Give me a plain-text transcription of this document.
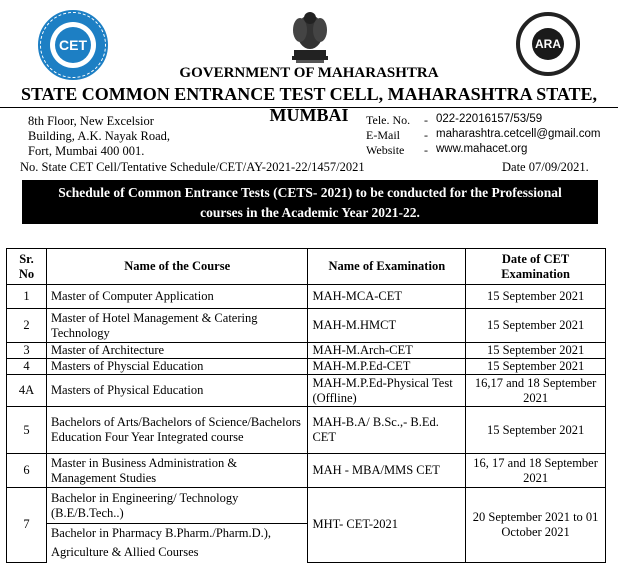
CET	ARA
GOVERNMENT OF MAHARASHTRA
STATE COMMON ENTRANCE TEST CELL, MAHARASHTRA STATE, MUMBAI
8th Floor, New Excelsior
Building, A.K. Nayak Road,
Fort, Mumbai 400 001.
Tele. No. - 022-22016157/53/59
E-Mail - maharashtra.cetcell@gmail.com
Website - www.mahacet.org
No. State CET Cell/Tentative Schedule/CET/AY-2021-22/1457/2021	Date 07/09/2021.
Schedule of Common Entrance Tests (CETS- 2021) to be conducted for the Professional
courses in the Academic Year 2021-22.
Sr. No	Name of the Course	Name of Examination	Date of CET Examination
1	Master of Computer Application	MAH-MCA-CET	15 September 2021
2	Master of Hotel Management & Catering Technology	MAH-M.HMCT	15 September 2021
3	Master of Architecture	MAH-M.Arch-CET	15 September 2021
4	Masters of Physcial Education	MAH-M.P.Ed-CET	15 September 2021
4A	Masters of Physical Education	MAH-M.P.Ed-Physical Test (Offline)	16,17 and 18 September 2021
5	Bachelors of Arts/Bachelors of Science/Bachelors Education Four Year Integrated course	MAH-B.A/ B.Sc.,- B.Ed. CET	15 September 2021
6	Master in Business Administration & Management Studies	MAH - MBA/MMS CET	16, 17 and 18 September 2021
7	Bachelor in Engineering/ Technology (B.E/B.Tech..)	MHT- CET-2021	20 September 2021 to 01 October 2021

	Bachelor in Pharmacy B.Pharm./Pharm.D.),
Agriculture & Allied Courses		
